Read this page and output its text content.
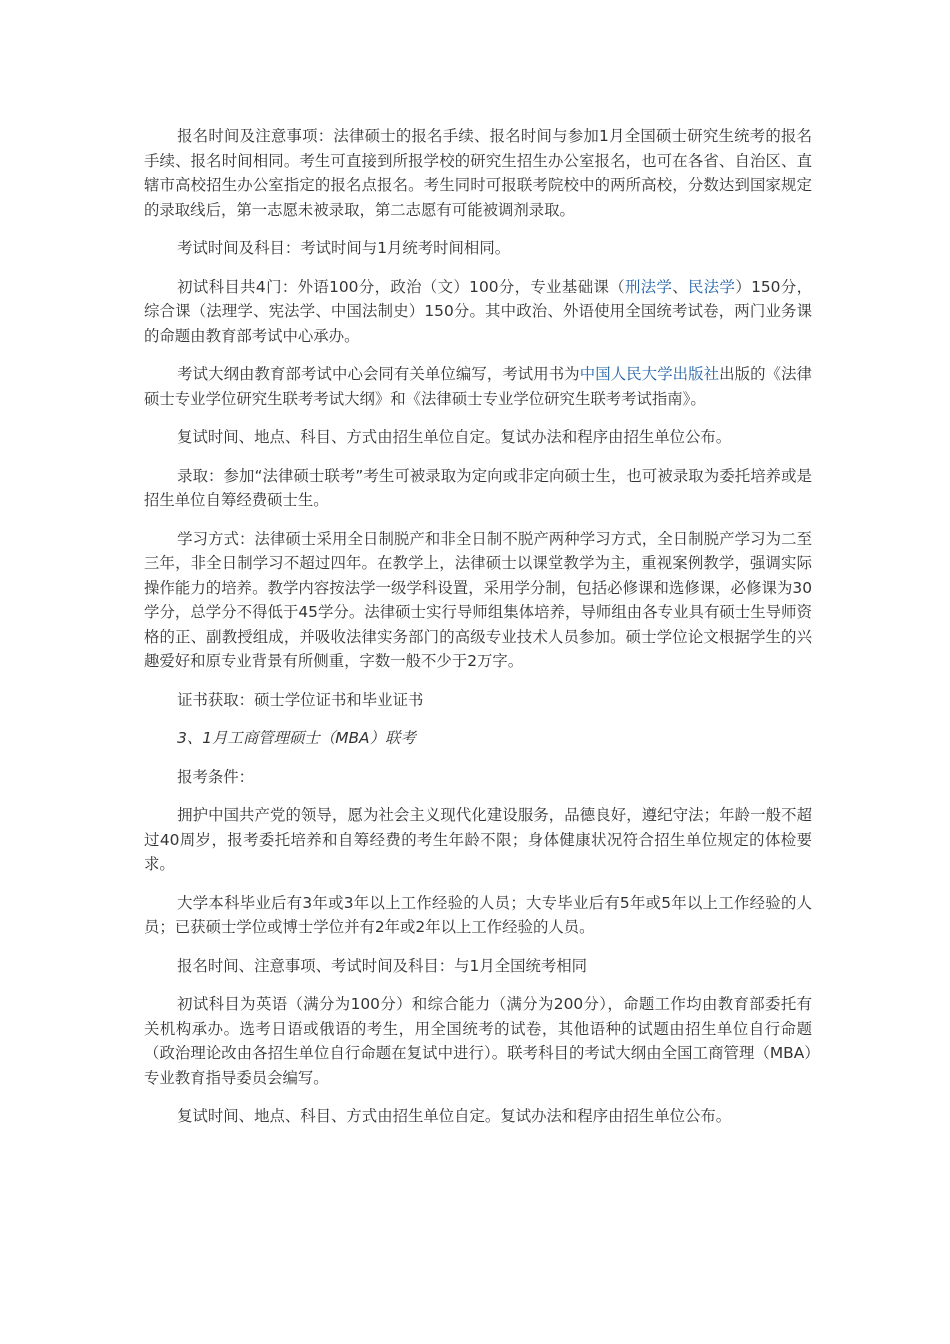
报名时间及注意事项：法律硕士的报名手续、报名时间与参加1月全国硕士研究生统考的报名手续、报名时间相同。考生可直接到所报学校的研究生招生办公室报名，也可在各省、自治区、直辖市高校招生办公室指定的报名点报名。考生同时可报联考院校中的两所高校，分数达到国家规定的录取线后，第一志愿未被录取，第二志愿有可能被调剂录取。

考试时间及科目：考试时间与1月统考时间相同。

初试科目共4门：外语100分，政治（文）100分，专业基础课（刑法学、民法学）150分，综合课（法理学、宪法学、中国法制史）150分。其中政治、外语使用全国统考试卷，两门业务课的命题由教育部考试中心承办。

考试大纲由教育部考试中心会同有关单位编写，考试用书为中国人民大学出版社出版的《法律硕士专业学位研究生联考考试大纲》和《法律硕士专业学位研究生联考考试指南》。

复试时间、地点、科目、方式由招生单位自定。复试办法和程序由招生单位公布。

录取：参加“法律硕士联考”考生可被录取为定向或非定向硕士生，也可被录取为委托培养或是招生单位自筹经费硕士生。

学习方式：法律硕士采用全日制脱产和非全日制不脱产两种学习方式，全日制脱产学习为二至三年，非全日制学习不超过四年。在教学上，法律硕士以课堂教学为主，重视案例教学，强调实际操作能力的培养。教学内容按法学一级学科设置，采用学分制，包括必修课和选修课，必修课为30学分，总学分不得低于45学分。法律硕士实行导师组集体培养，导师组由各专业具有硕士生导师资格的正、副教授组成，并吸收法律实务部门的高级专业技术人员参加。硕士学位论文根据学生的兴趣爱好和原专业背景有所侧重，字数一般不少于2万字。

证书获取：硕士学位证书和毕业证书

3、1月工商管理硕士（MBA）联考

报考条件：

拥护中国共产党的领导，愿为社会主义现代化建设服务，品德良好，遵纪守法；年龄一般不超过40周岁，报考委托培养和自筹经费的考生年龄不限；身体健康状况符合招生单位规定的体检要求。

大学本科毕业后有3年或3年以上工作经验的人员；大专毕业后有5年或5年以上工作经验的人员；已获硕士学位或博士学位并有2年或2年以上工作经验的人员。

报名时间、注意事项、考试时间及科目：与1月全国统考相同

初试科目为英语（满分为100分）和综合能力（满分为200分），命题工作均由教育部委托有关机构承办。选考日语或俄语的考生，用全国统考的试卷，其他语种的试题由招生单位自行命题（政治理论改由各招生单位自行命题在复试中进行）。联考科目的考试大纲由全国工商管理（MBA）专业教育指导委员会编写。

复试时间、地点、科目、方式由招生单位自定。复试办法和程序由招生单位公布。
